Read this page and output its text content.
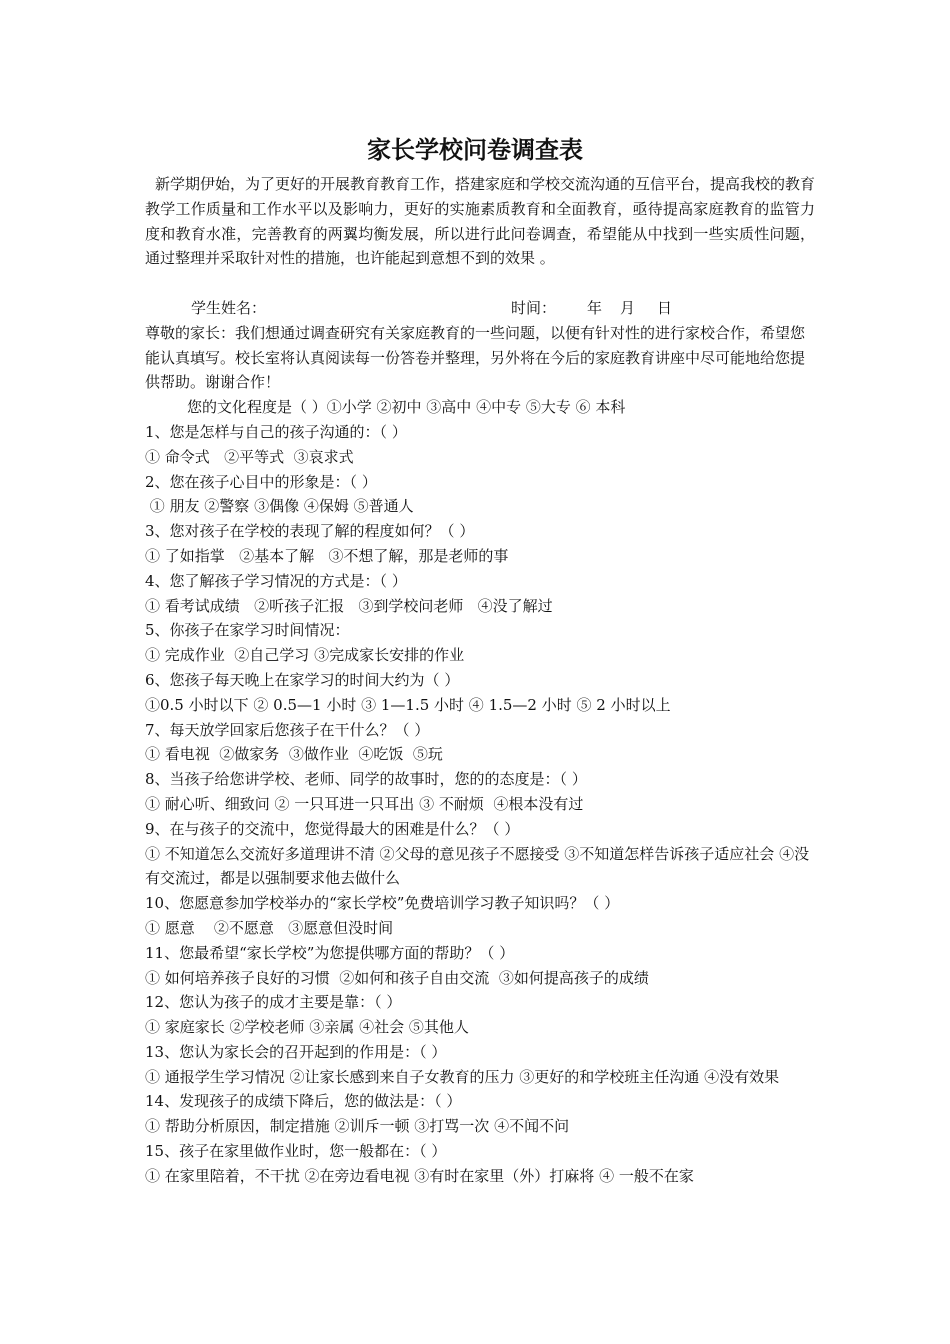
家长学校问卷调查表

新学期伊始，为了更好的开展教育教育工作，搭建家庭和学校交流沟通的互信平台，提高我校的教育教学工作质量和工作水平以及影响力，更好的实施素质教育和全面教育，亟待提高家庭教育的监管力度和教育水准，完善教育的两翼均衡发展，所以进行此问卷调查，希望能从中找到一些实质性问题，通过整理并采取针对性的措施，也许能起到意想不到的效果 。

学生姓名：	时间： 年 月 日

尊敬的家长：我们想通过调查研究有关家庭教育的一些问题，以便有针对性的进行家校合作，希望您能认真填写。校长室将认真阅读每一份答卷并整理，另外将在今后的家庭教育讲座中尽可能地给您提供帮助。谢谢合作！

您的文化程度是（ ）①小学 ②初中 ③高中 ④中专 ⑤大专 ⑥ 本科

1、您是怎样与自己的孩子沟通的：（ ）

① 命令式   ②平等式  ③哀求式

2、您在孩子心目中的形象是：（ ）

① 朋友 ②警察 ③偶像 ④保姆 ⑤普通人

3、您对孩子在学校的表现了解的程度如何？（ ）

① 了如指掌   ②基本了解   ③不想了解，那是老师的事

4、您了解孩子学习情况的方式是：（ ）

① 看考试成绩   ②听孩子汇报   ③到学校问老师   ④没了解过

5、你孩子在家学习时间情况：

① 完成作业  ②自己学习 ③完成家长安排的作业

6、您孩子每天晚上在家学习的时间大约为（ ）

①0.5 小时以下 ② 0.5—1 小时 ③ 1—1.5 小时 ④ 1.5—2 小时 ⑤ 2 小时以上

7、每天放学回家后您孩子在干什么？（ ）

① 看电视  ②做家务  ③做作业  ④吃饭  ⑤玩

8、当孩子给您讲学校、老师、同学的故事时，您的的态度是：（ ）

① 耐心听、细致问 ② 一只耳进一只耳出 ③ 不耐烦  ④根本没有过

9、在与孩子的交流中，您觉得最大的困难是什么？（ ）

① 不知道怎么交流好多道理讲不清 ②父母的意见孩子不愿接受 ③不知道怎样告诉孩子适应社会 ④没有交流过，都是以强制要求他去做什么

10、您愿意参加学校举办的“家长学校”免费培训学习教子知识吗？（ ）

① 愿意    ②不愿意   ③愿意但没时间

11、您最希望“家长学校”为您提供哪方面的帮助？（ ）

① 如何培养孩子良好的习惯  ②如何和孩子自由交流  ③如何提高孩子的成绩

12、您认为孩子的成才主要是靠：（ ）

① 家庭家长 ②学校老师 ③亲属 ④社会 ⑤其他人

13、您认为家长会的召开起到的作用是：（ ）

① 通报学生学习情况 ②让家长感到来自子女教育的压力 ③更好的和学校班主任沟通 ④没有效果

14、发现孩子的成绩下降后，您的做法是：（ ）

① 帮助分析原因，制定措施 ②训斥一顿 ③打骂一次 ④不闻不问

15、孩子在家里做作业时，您一般都在：（ ）

① 在家里陪着，不干扰 ②在旁边看电视 ③有时在家里（外）打麻将 ④ 一般不在家
